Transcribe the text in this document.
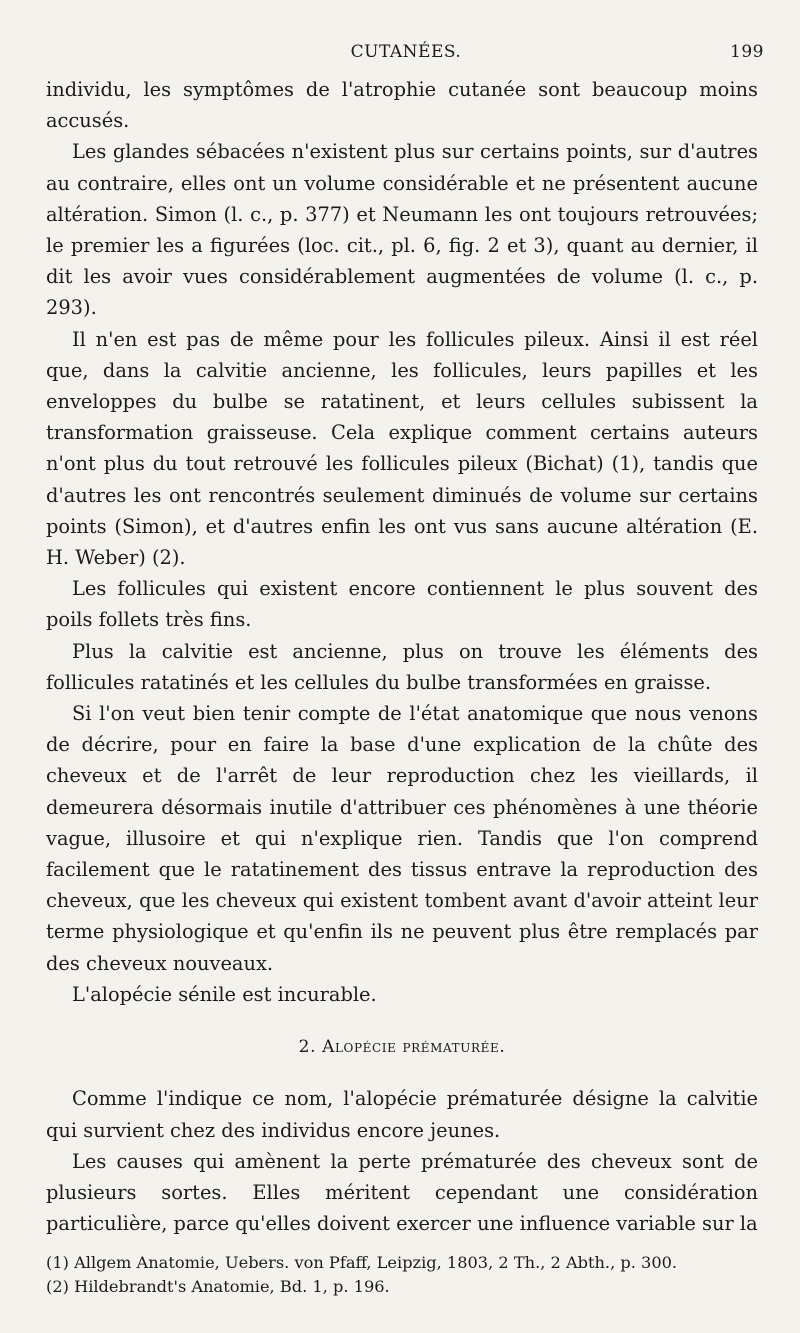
CUTANÉES.	199

individu, les symptômes de l'atrophie cutanée sont beaucoup moins accusés.

Les glandes sébacées n'existent plus sur certains points, sur d'autres au contraire, elles ont un volume considérable et ne présentent aucune altération. Simon (l. c., p. 377) et Neumann les ont toujours retrouvées; le premier les a figurées (loc. cit., pl. 6, fig. 2 et 3), quant au dernier, il dit les avoir vues considérablement augmentées de volume (l. c., p. 293).

Il n'en est pas de même pour les follicules pileux. Ainsi il est réel que, dans la calvitie ancienne, les follicules, leurs papilles et les enveloppes du bulbe se ratatinent, et leurs cellules subissent la transformation graisseuse. Cela explique comment certains auteurs n'ont plus du tout retrouvé les follicules pileux (Bichat) (1), tandis que d'autres les ont rencontrés seulement diminués de volume sur certains points (Simon), et d'autres enfin les ont vus sans aucune altération (E. H. Weber) (2).

Les follicules qui existent encore contiennent le plus souvent des poils follets très fins.

Plus la calvitie est ancienne, plus on trouve les éléments des follicules ratatinés et les cellules du bulbe transformées en graisse.

Si l'on veut bien tenir compte de l'état anatomique que nous venons de décrire, pour en faire la base d'une explication de la chûte des cheveux et de l'arrêt de leur reproduction chez les vieillards, il demeurera désormais inutile d'attribuer ces phénomènes à une théorie vague, illusoire et qui n'explique rien. Tandis que l'on comprend facilement que le ratatinement des tissus entrave la reproduction des cheveux, que les cheveux qui existent tombent avant d'avoir atteint leur terme physiologique et qu'enfin ils ne peuvent plus être remplacés par des cheveux nouveaux.

L'alopécie sénile est incurable.

2. Alopécie prématurée.

Comme l'indique ce nom, l'alopécie prématurée désigne la calvitie qui survient chez des individus encore jeunes.

Les causes qui amènent la perte prématurée des cheveux sont de plusieurs sortes. Elles méritent cependant une considération particulière, parce qu'elles doivent exercer une influence variable sur la

(1) Allgem Anatomie, Uebers. von Pfaff, Leipzig, 1803, 2 Th., 2 Abth., p. 300.

(2) Hildebrandt's Anatomie, Bd. 1, p. 196.
